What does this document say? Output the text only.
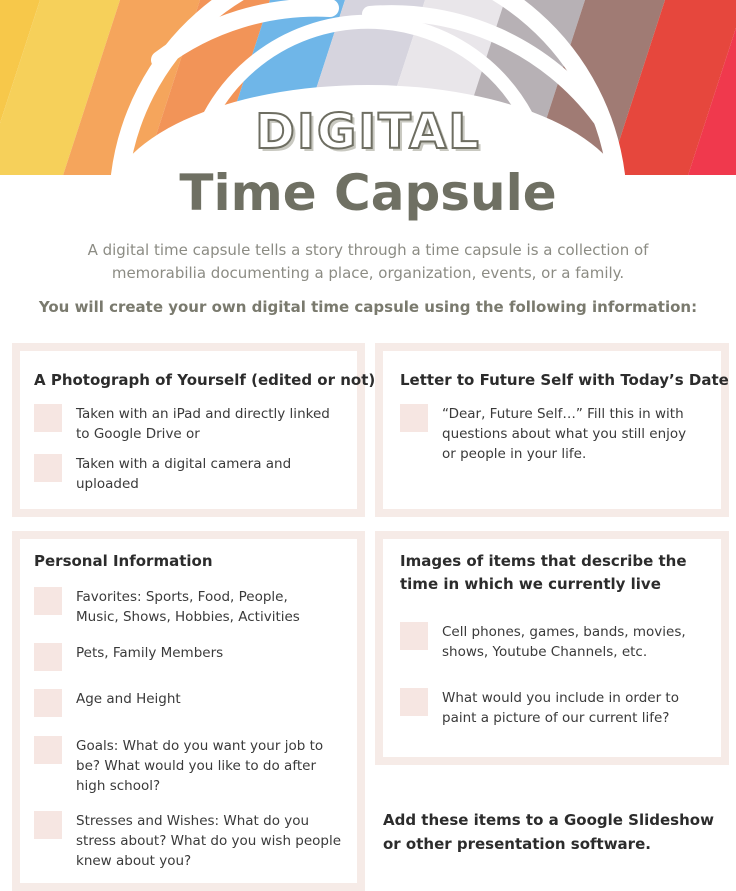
DIGITAL
Time Capsule
A digital time capsule tells a story through a time capsule is a collection of memorabilia documenting a place, organization, events, or a family.
You will create your own digital time capsule using the following information:
A Photograph of Yourself (edited or not)
Taken with an iPad and directly linked to Google Drive or
Taken with a digital camera and uploaded
Letter to Future Self with Today’s Date
“Dear, Future Self…” Fill this in with questions about what you still enjoy or people in your life.
Personal Information
Favorites: Sports, Food, People, Music, Shows, Hobbies, Activities
Pets, Family Members
Age and Height
Goals: What do you want your job to be? What would you like to do after high school?
Stresses and Wishes: What do you stress about? What do you wish people knew about you?
Images of items that describe the time in which we currently live
Cell phones, games, bands, movies, shows, Youtube Channels, etc.
What would you include in order to paint a picture of our current life?
Add these items to a Google Slideshow or other presentation software.
